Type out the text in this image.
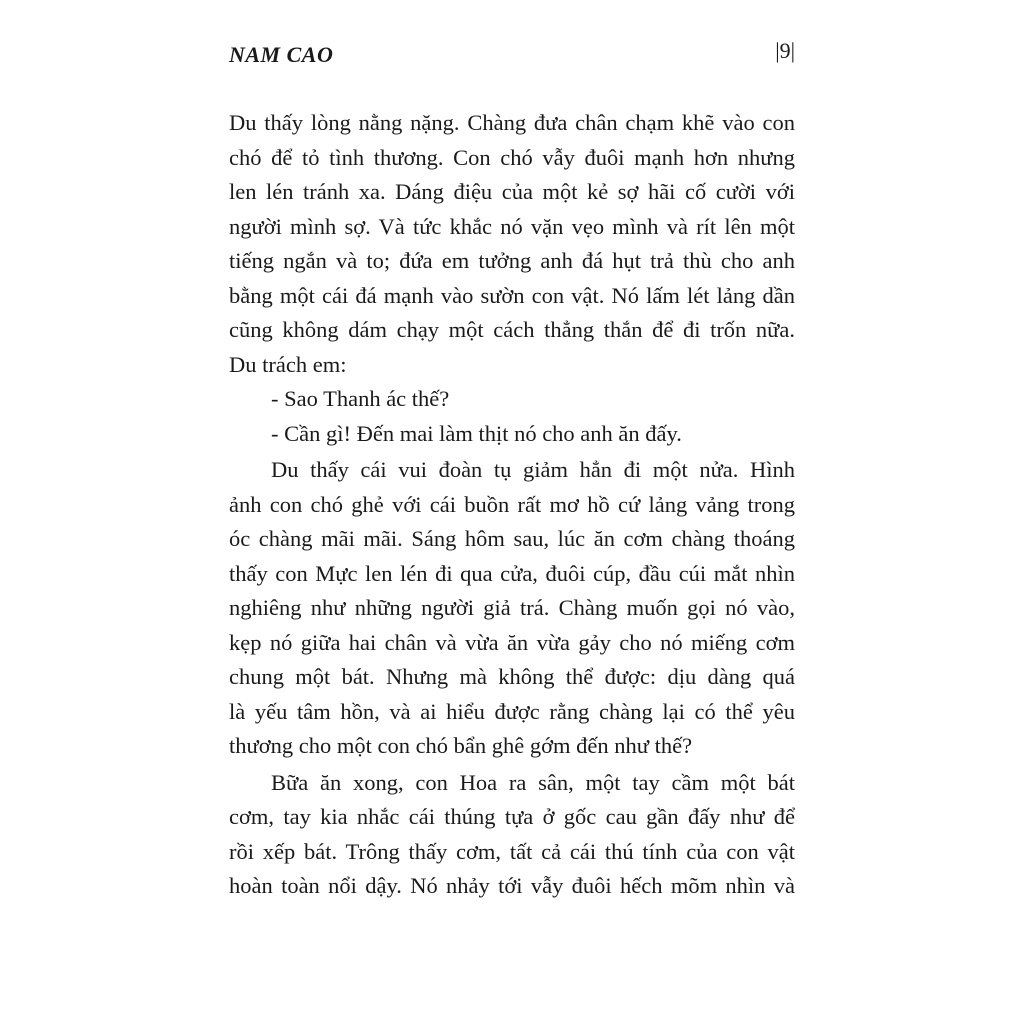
NAM CAO	|9|
Du thấy lòng nằng nặng. Chàng đưa chân chạm khẽ vào con
chó để tỏ tình thương. Con chó vẫy đuôi mạnh hơn nhưng
len lén tránh xa. Dáng điệu của một kẻ sợ hãi cố cười với
người mình sợ. Và tức khắc nó vặn vẹo mình và rít lên một
tiếng ngắn và to; đứa em tưởng anh đá hụt trả thù cho anh
bằng một cái đá mạnh vào sườn con vật. Nó lấm lét lảng dần
cũng không dám chạy một cách thẳng thắn để đi trốn nữa.
Du trách em:
- Sao Thanh ác thế?
- Cần gì! Đến mai làm thịt nó cho anh ăn đấy.
Du thấy cái vui đoàn tụ giảm hẳn đi một nửa. Hình
ảnh con chó ghẻ với cái buồn rất mơ hồ cứ lảng vảng trong
óc chàng mãi mãi. Sáng hôm sau, lúc ăn cơm chàng thoáng
thấy con Mực len lén đi qua cửa, đuôi cúp, đầu cúi mắt nhìn
nghiêng như những người giả trá. Chàng muốn gọi nó vào,
kẹp nó giữa hai chân và vừa ăn vừa gảy cho nó miếng cơm
chung một bát. Nhưng mà không thể được: dịu dàng quá
là yếu tâm hồn, và ai hiểu được rằng chàng lại có thể yêu
thương cho một con chó bẩn ghê gớm đến như thế?
Bữa ăn xong, con Hoa ra sân, một tay cầm một bát
cơm, tay kia nhắc cái thúng tựa ở gốc cau gần đấy như để
rồi xếp bát. Trông thấy cơm, tất cả cái thú tính của con vật
hoàn toàn nổi dậy. Nó nhảy tới vẫy đuôi hếch mõm nhìn và
